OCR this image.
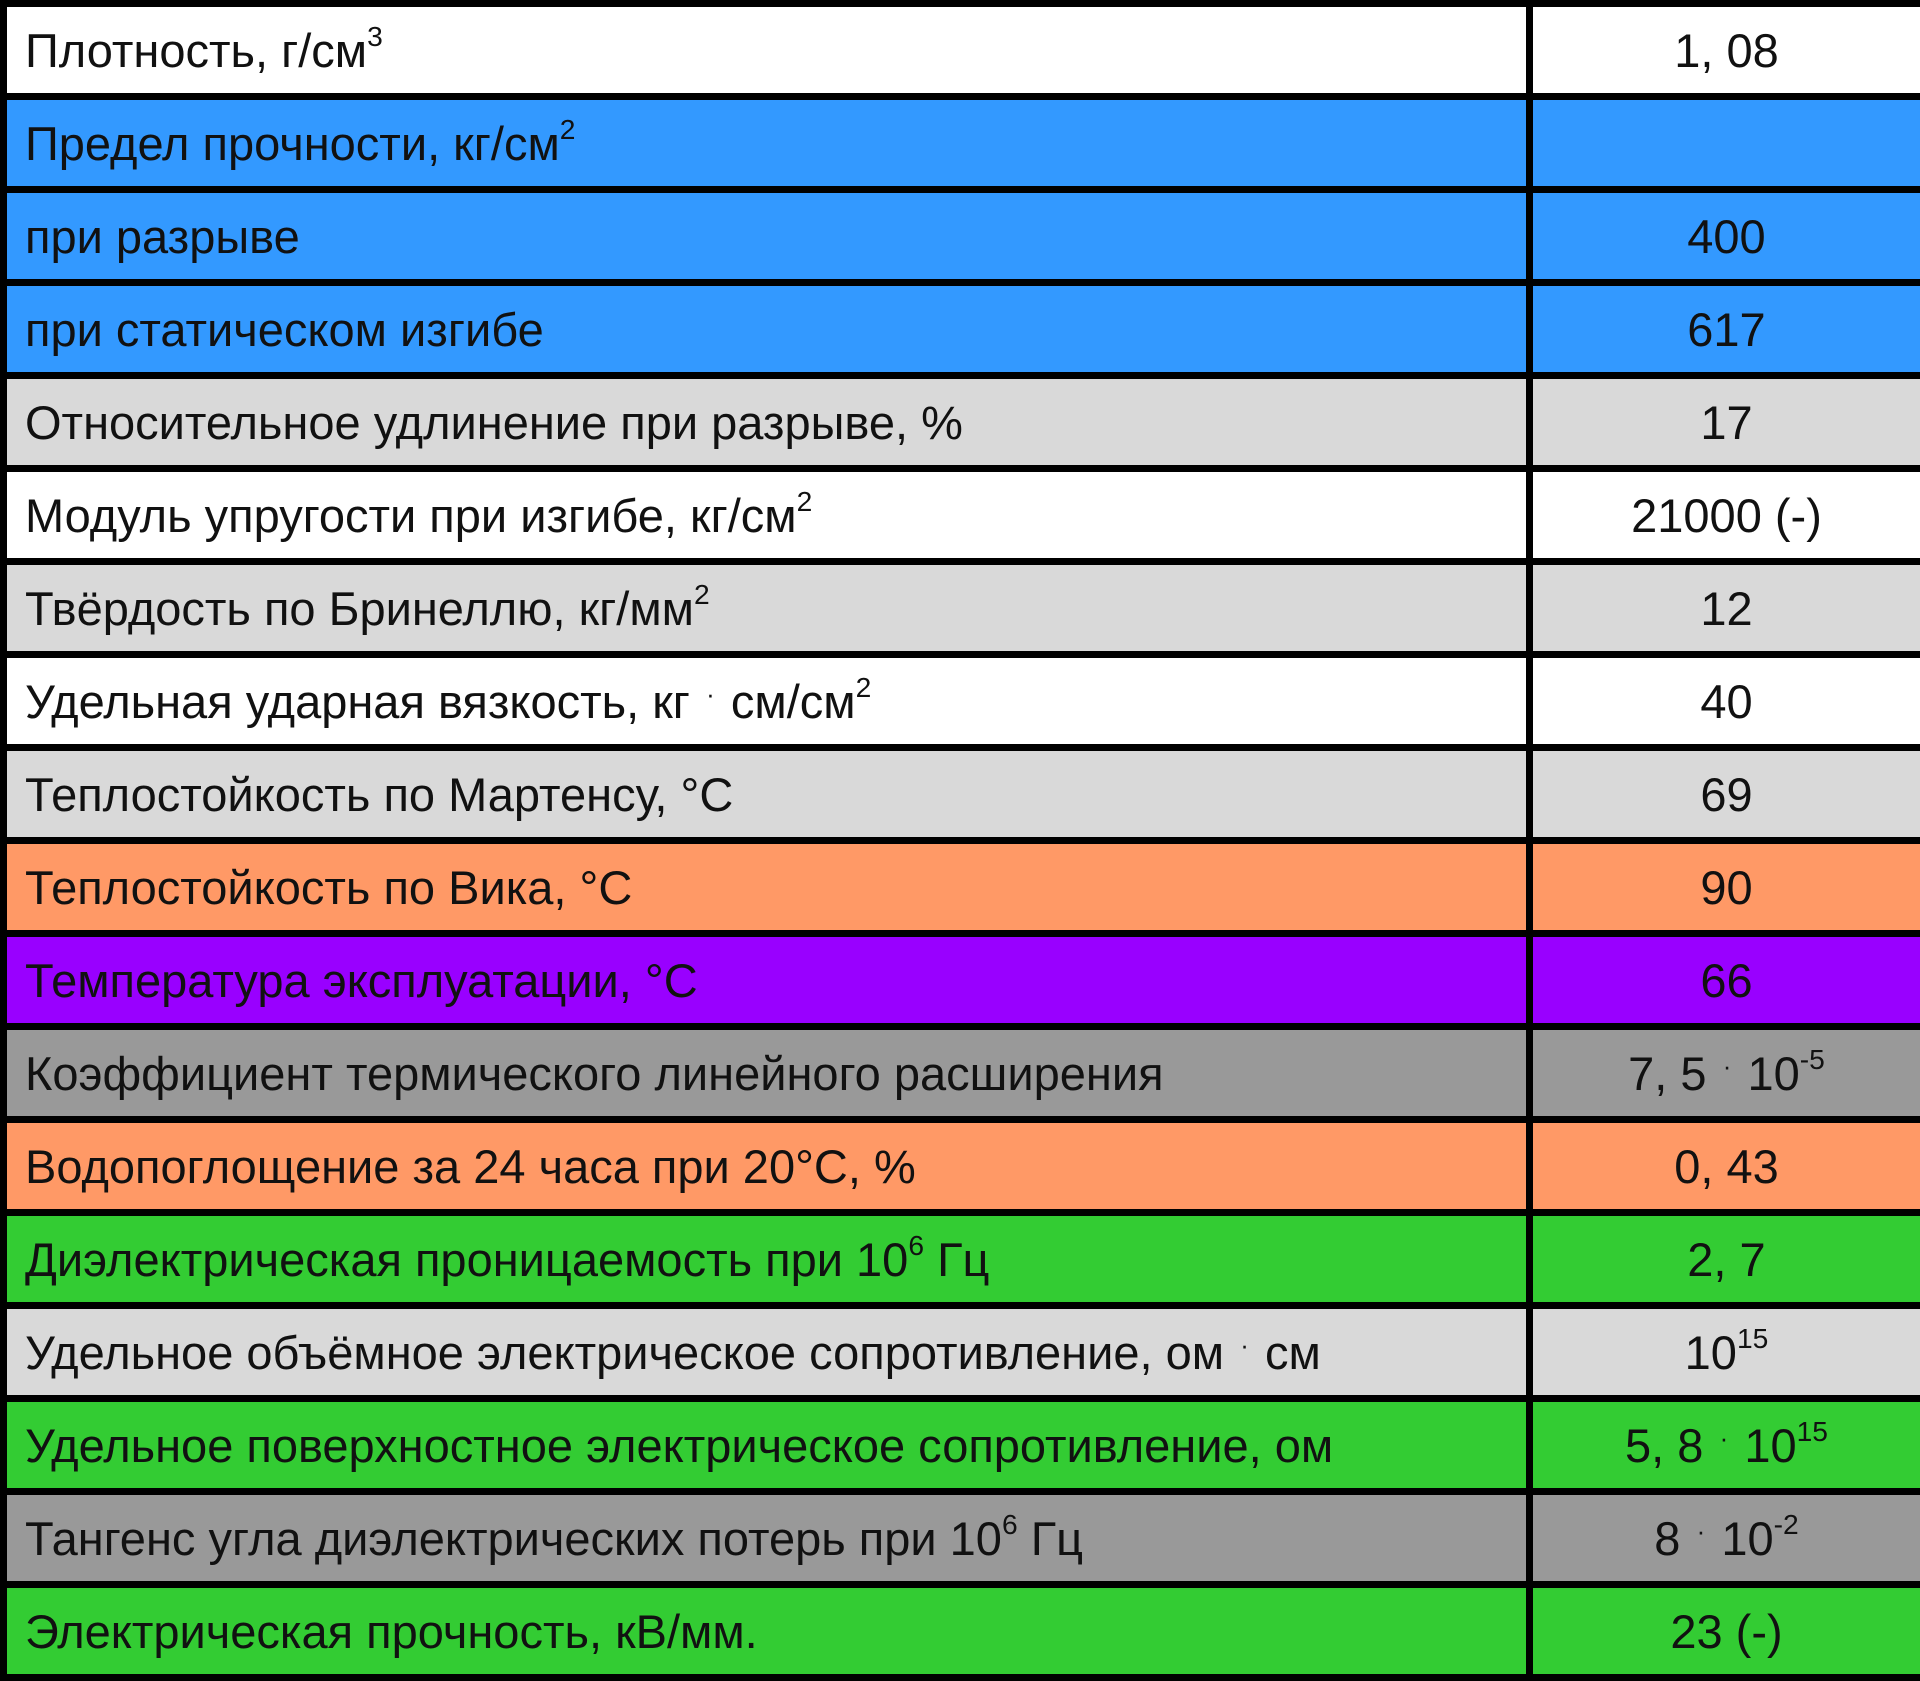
Плотность, $г/см^3$	1, 08
Предел прочности, $кг/см^2$	
при разрыве	400
при статическом изгибе	617
Относительное удлинение при разрыве, %	17
Модуль упругости при изгибе, $кг/см^2$	21000 (-)
Твёрдость по Бринеллю, $кг/мм^2$	12
Удельная ударная вязкость, кг · $см/см^2$	40
Теплостойкость по Мартенсу, °С	69
Теплостойкость по Вика, °С	90
Температура эксплуатации, °С	66
Коэффициент термического линейного расширения	7, 5 · $10^{-5}$
Водопоглощение за 24 часа при 20°С, %	0, 43
Диэлектрическая проницаемость при $10^6$ Гц	2, 7
Удельное объёмное электрическое сопротивление, ом · см	$10^{15}$
Удельное поверхностное электрическое сопротивление, ом	5, 8 · $10^{15}$
Тангенс угла диэлектрических потерь при $10^6$ Гц	8 · $10^{-2}$
Электрическая прочность, кВ/мм.	23 (-)
